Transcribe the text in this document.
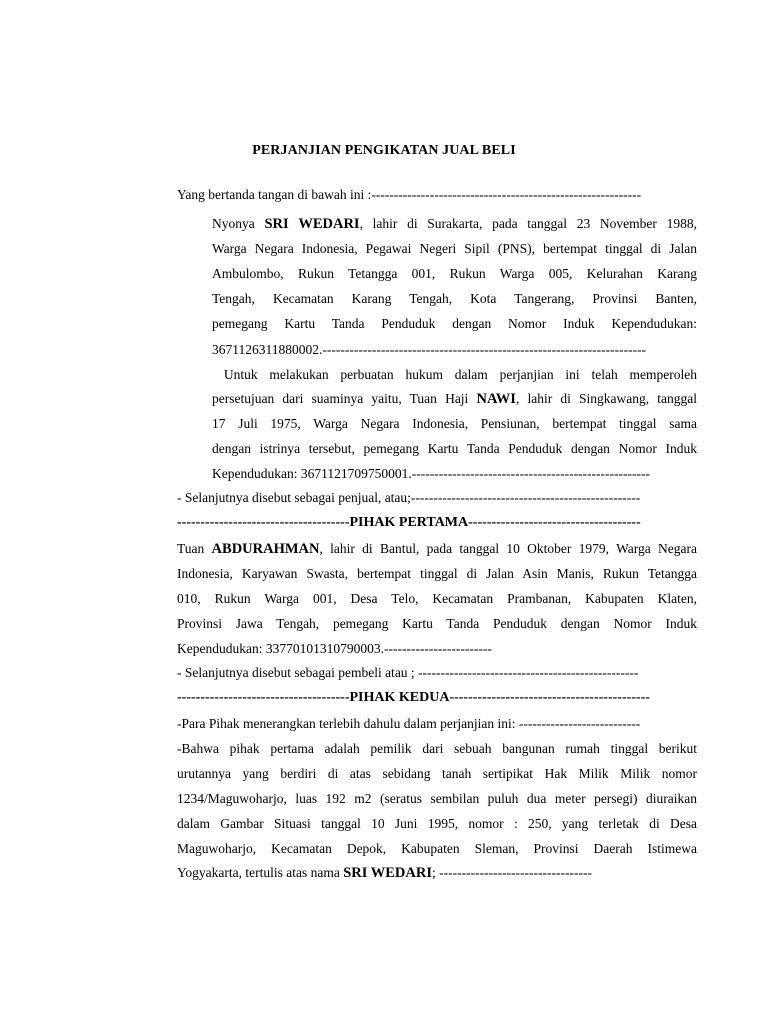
PERJANJIAN PENGIKATAN JUAL BELI
Yang bertanda tangan di bawah ini :------------------------------------------------------------
Nyonya SRI WEDARI, lahir di Surakarta, pada tanggal 23 November 1988,
Warga Negara Indonesia, Pegawai Negeri Sipil (PNS), bertempat tinggal di Jalan
Ambulombo, Rukun Tetangga 001, Rukun Warga 005, Kelurahan Karang
Tengah, Kecamatan Karang Tengah, Kota Tangerang, Provinsi Banten,
pemegang Kartu Tanda Penduduk dengan Nomor Induk Kependudukan:
3671126311880002.------------------------------------------------------------------------
Untuk melakukan perbuatan hukum dalam perjanjian ini telah memperoleh
persetujuan dari suaminya yaitu, Tuan Haji NAWI, lahir di Singkawang, tanggal
17 Juli 1975, Warga Negara Indonesia, Pensiunan, bertempat tinggal sama
dengan istrinya tersebut, pemegang Kartu Tanda Penduduk dengan Nomor Induk
Kependudukan: 3671121709750001.-----------------------------------------------------
- Selanjutnya disebut sebagai penjual, atau;---------------------------------------------------
-------------------------------------PIHAK PERTAMA-------------------------------------
Tuan ABDURAHMAN, lahir di Bantul, pada tanggal 10 Oktober 1979, Warga Negara
Indonesia, Karyawan Swasta, bertempat tinggal di Jalan Asin Manis, Rukun Tetangga
010, Rukun Warga 001, Desa Telo, Kecamatan Prambanan, Kabupaten Klaten,
Provinsi Jawa Tengah, pemegang Kartu Tanda Penduduk dengan Nomor Induk
Kependudukan: 33770101310790003.------------------------
- Selanjutnya disebut sebagai pembeli atau ; -------------------------------------------------
-------------------------------------PIHAK KEDUA-------------------------------------------
-Para Pihak menerangkan terlebih dahulu dalam perjanjian ini: ---------------------------
-Bahwa pihak pertama adalah pemilik dari sebuah bangunan rumah tinggal berikut
urutannya yang berdiri di atas sebidang tanah sertipikat Hak Milik Milik nomor
1234/Maguwoharjo, luas 192 m2 (seratus sembilan puluh dua meter persegi) diuraikan
dalam Gambar Situasi tanggal 10 Juni 1995, nomor : 250, yang terletak di Desa
Maguwoharjo, Kecamatan Depok, Kabupaten Sleman, Provinsi Daerah Istimewa
Yogyakarta, tertulis atas nama SRI WEDARI; ----------------------------------
